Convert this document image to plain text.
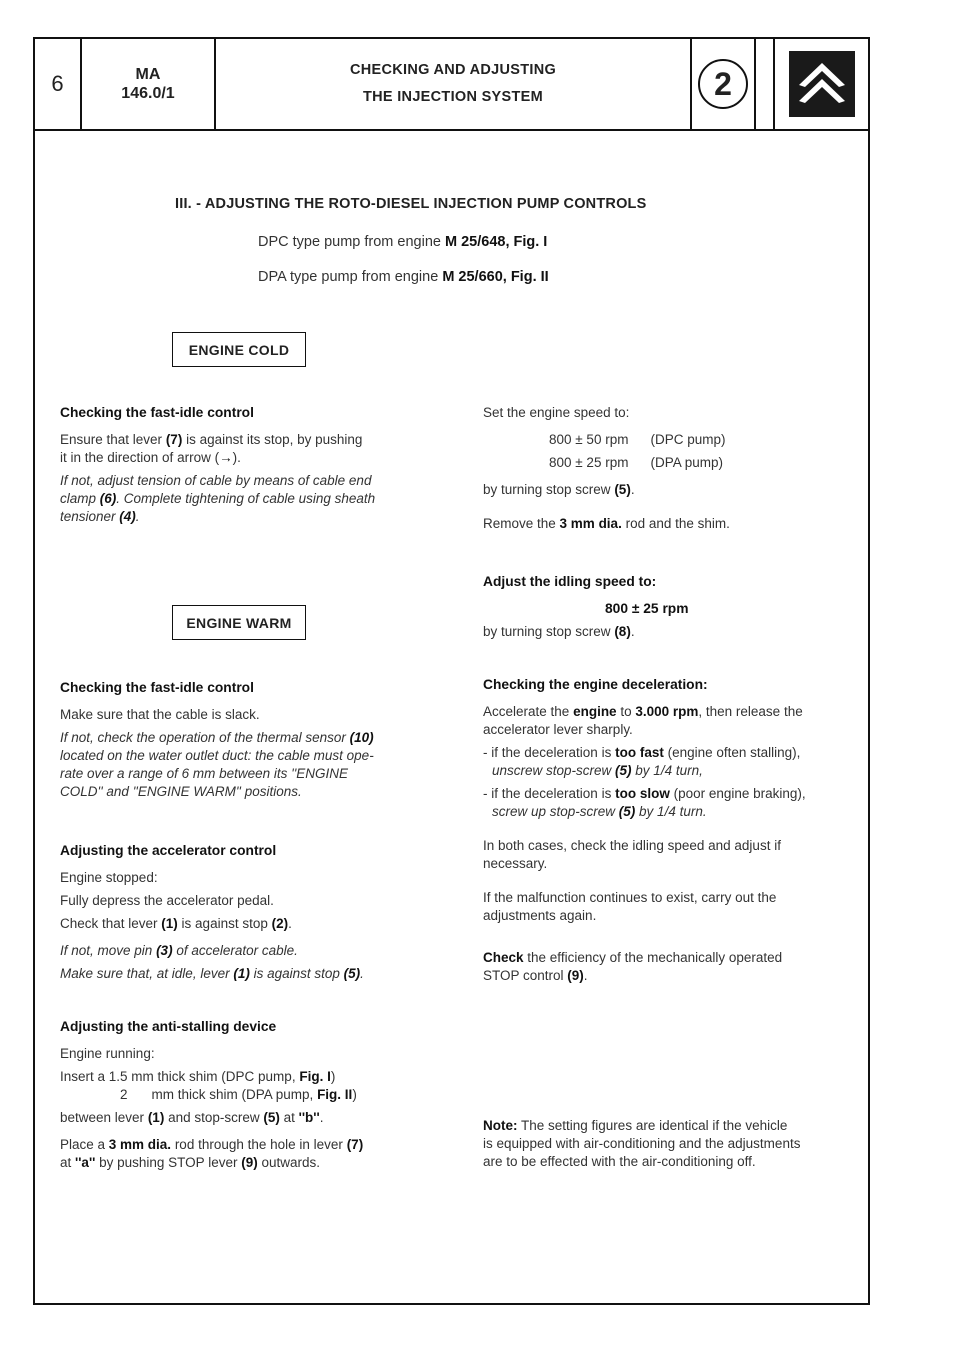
6	MA
146.0/1
CHECKING AND ADJUSTING
THE INJECTION SYSTEM	2
III. - ADJUSTING THE ROTO-DIESEL INJECTION PUMP CONTROLS
DPC type pump from engine M 25/648, Fig. I
DPA type pump from engine M 25/660, Fig. II
ENGINE COLD
ENGINE WARM

Checking the fast-idle control

Ensure that lever (7) is against its stop, by pushing

it in the direction of arrow (→).

If not, adjust tension of cable by means of cable end

clamp (6). Complete tightening of cable using sheath

tensioner (4).

Checking the fast-idle control

Make sure that the cable is slack.

If not, check the operation of the thermal sensor (10)

located on the water outlet duct: the cable must ope-

rate over a range of 6 mm between its ''ENGINE

COLD'' and ''ENGINE WARM'' positions.

Adjusting the accelerator control

Engine stopped:

Fully depress the accelerator pedal.

Check that lever (1) is against stop (2).

If not, move pin (3) of accelerator cable.

Make sure that, at idle, lever (1) is against stop (5).

Adjusting the anti-stalling device

Engine running:

Insert a 1.5 mm thick shim (DPC pump, Fig. I)

2 mm thick shim (DPA pump, Fig. II)

between lever (1) and stop-screw (5) at ''b''.

Place a 3 mm dia. rod through the hole in lever (7)

at ''a'' by pushing STOP lever (9) outwards.

Set the engine speed to:

800 ± 50 rpm (DPC pump)

800 ± 25 rpm (DPA pump)

by turning stop screw (5).

Remove the 3 mm dia. rod and the shim.

Adjust the idling speed to:

800 ± 25 rpm

by turning stop screw (8).

Checking the engine deceleration:

Accelerate the engine to 3.000 rpm, then release the

accelerator lever sharply.

- if the deceleration is too fast (engine often stalling),

unscrew stop-screw (5) by 1/4 turn,

- if the deceleration is too slow (poor engine braking),

screw up stop-screw (5) by 1/4 turn.

In both cases, check the idling speed and adjust if

necessary.

If the malfunction continues to exist, carry out the

adjustments again.

Check the efficiency of the mechanically operated

STOP control (9).

Note: The setting figures are identical if the vehicle

is equipped with air-conditioning and the adjustments

are to be effected with the air-conditioning off.
